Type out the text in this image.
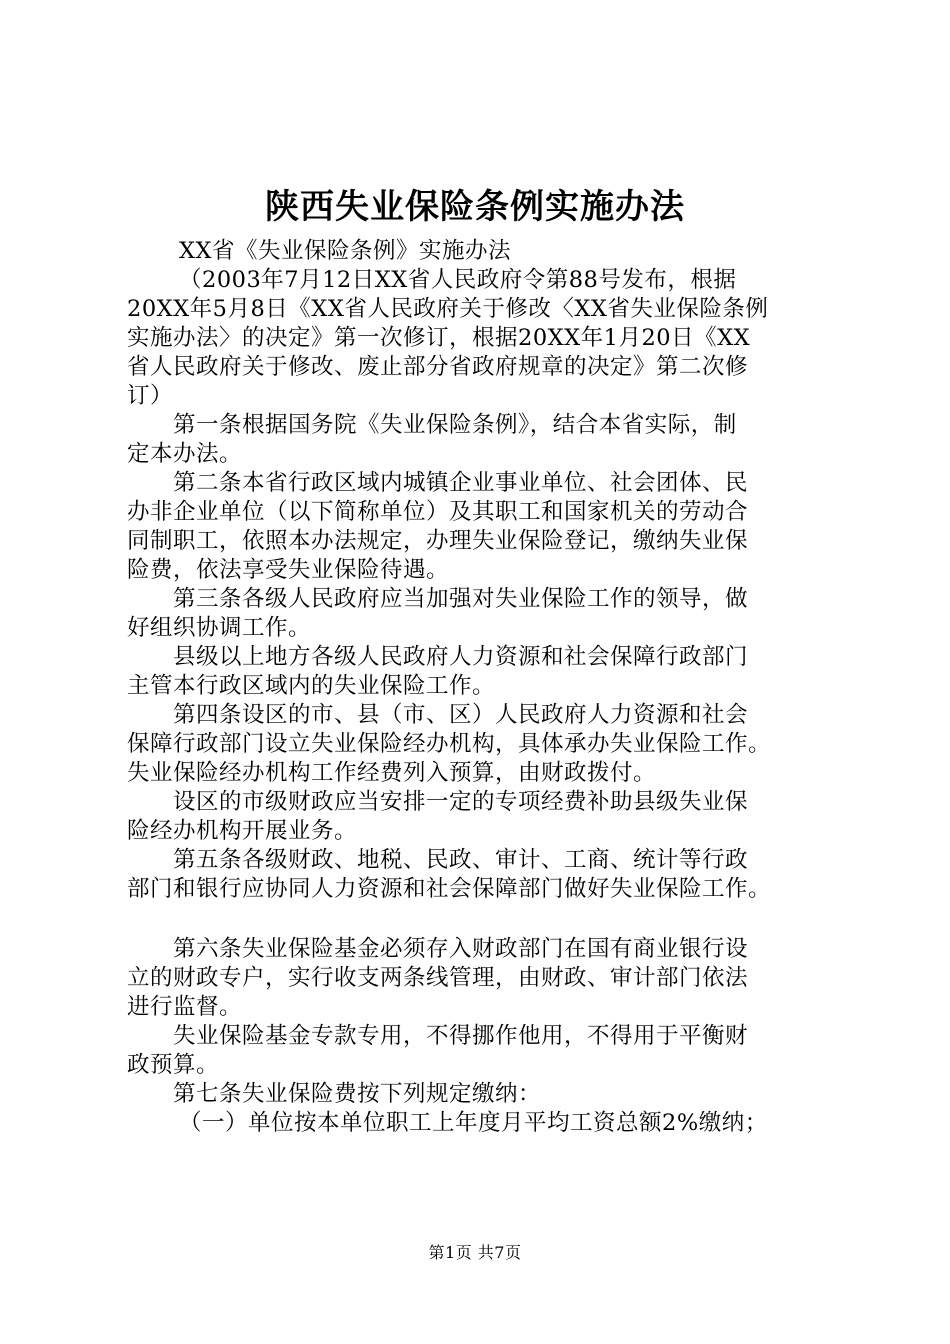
陕西失业保险条例实施办法

XX省《失业保险条例》实施办法

（2003年7月12日XX省人民政府令第88号发布，根据

20XX年5月8日《XX省人民政府关于修改〈XX省失业保险条例

实施办法〉的决定》第一次修订，根据20XX年1月20日《XX

省人民政府关于修改、废止部分省政府规章的决定》第二次修

订）

第一条根据国务院《失业保险条例》，结合本省实际，制

定本办法。

第二条本省行政区域内城镇企业事业单位、社会团体、民

办非企业单位（以下简称单位）及其职工和国家机关的劳动合

同制职工，依照本办法规定，办理失业保险登记，缴纳失业保

险费，依法享受失业保险待遇。

第三条各级人民政府应当加强对失业保险工作的领导，做

好组织协调工作。

县级以上地方各级人民政府人力资源和社会保障行政部门

主管本行政区域内的失业保险工作。

第四条设区的市、县（市、区）人民政府人力资源和社会

保障行政部门设立失业保险经办机构，具体承办失业保险工作。

失业保险经办机构工作经费列入预算，由财政拨付。

设区的市级财政应当安排一定的专项经费补助县级失业保

险经办机构开展业务。

第五条各级财政、地税、民政、审计、工商、统计等行政

部门和银行应协同人力资源和社会保障部门做好失业保险工作。

第六条失业保险基金必须存入财政部门在国有商业银行设

立的财政专户，实行收支两条线管理，由财政、审计部门依法

进行监督。

失业保险基金专款专用，不得挪作他用，不得用于平衡财

政预算。

第七条失业保险费按下列规定缴纳：

（一）单位按本单位职工上年度月平均工资总额2%缴纳；

第1页 共7页
